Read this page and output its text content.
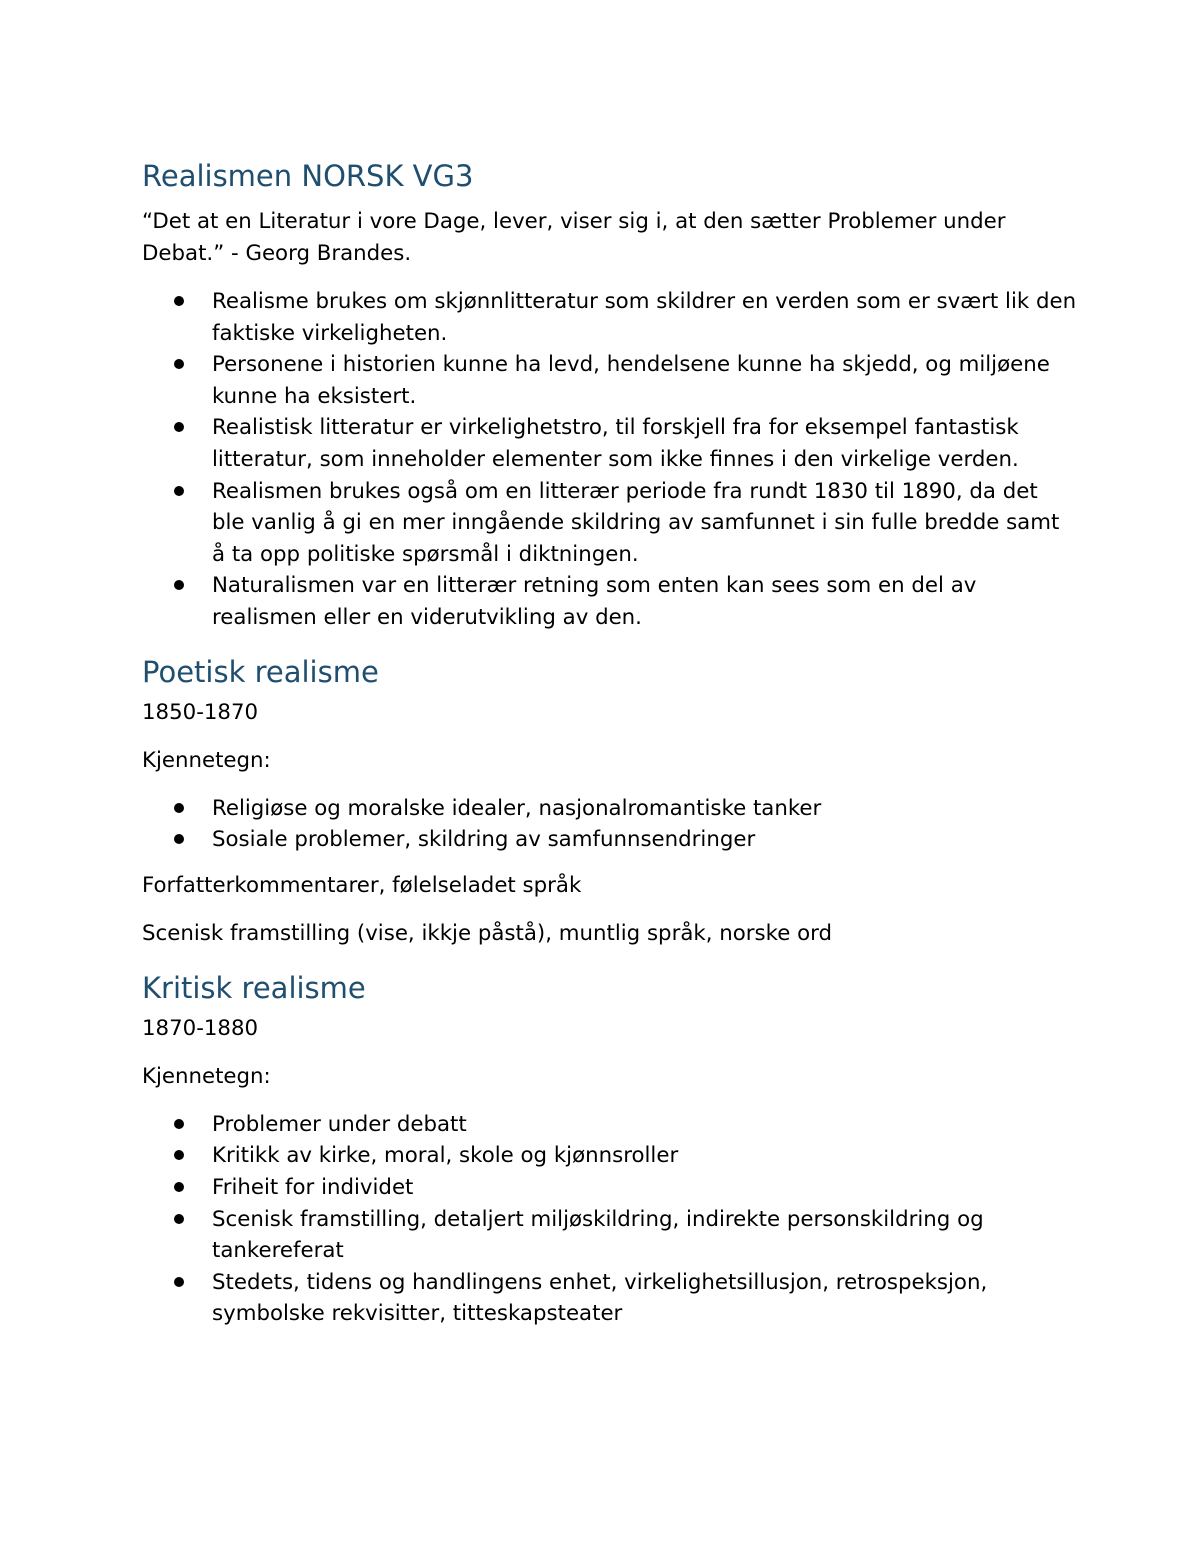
Realismen NORSK VG3

“Det at en Literatur i vore Dage, lever, viser sig i, at den sætter Problemer under Debat.” - Georg Brandes.

Realisme brukes om skjønnlitteratur som skildrer en verden som er svært lik den faktiske virkeligheten.
Personene i historien kunne ha levd, hendelsene kunne ha skjedd, og miljøene kunne ha eksistert.
Realistisk litteratur er virkelighetstro, til forskjell fra for eksempel fantastisk litteratur, som inneholder elementer som ikke finnes i den virkelige verden.
Realismen brukes også om en litterær periode fra rundt 1830 til 1890, da det ble vanlig å gi en mer inngående skildring av samfunnet i sin fulle bredde samt å ta opp politiske spørsmål i diktningen.
Naturalismen var en litterær retning som enten kan sees som en del av realismen eller en viderutvikling av den.
Poetisk realisme

1850-1870

Kjennetegn:

Religiøse og moralske idealer, nasjonalromantiske tanker
Sosiale problemer, skildring av samfunnsendringer

Forfatterkommentarer, følelseladet språk

Scenisk framstilling (vise, ikkje påstå), muntlig språk, norske ord

Kritisk realisme

1870-1880

Kjennetegn:

Problemer under debatt
Kritikk av kirke, moral, skole og kjønnsroller
Friheit for individet
Scenisk framstilling, detaljert miljøskildring, indirekte personskildring og tankereferat
Stedets, tidens og handlingens enhet, virkelighetsillusjon, retrospeksjon, symbolske rekvisitter, titteskapsteater
